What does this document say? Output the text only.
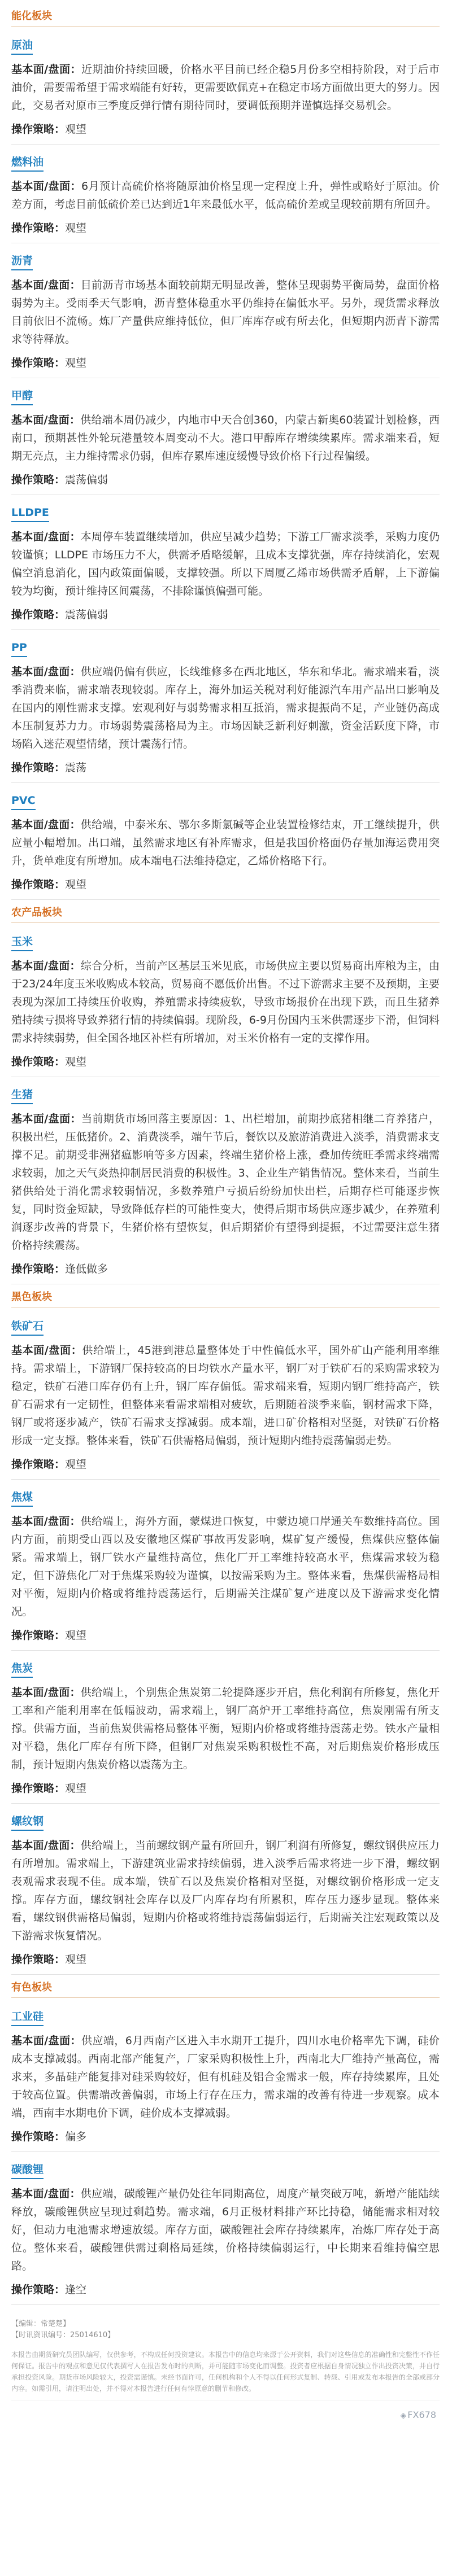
能化板块
原油
基本面/盘面：近期油价持续回暖，价格水平目前已经企稳5月份多空相持阶段，对于后市油价，需要需希望于需求端能有好转，更需要欧佩克+在稳定市场方面做出更大的努力。因此，交易者对原市三季度反弹行情有期待同时，要调低预期并谨慎选择交易机会。
操作策略：观望
燃料油
基本面/盘面：6月预计高硫价格将随原油价格呈现一定程度上升，弹性或略好于原油。价差方面，考虑目前低硫价差已达到近1年来最低水平，低高硫价差或呈现较前期有所回升。
操作策略：观望
沥青
基本面/盘面：目前沥青市场基本面较前期无明显改善，整体呈现弱势平衡局势，盘面价格弱势为主。受雨季天气影响，沥青整体稳重水平仍维持在偏低水平。另外，现货需求释放目前依旧不流畅。炼厂产量供应维持低位，但厂库库存或有所去化，但短期内沥青下游需求等待释放。
操作策略：观望
甲醇
基本面/盘面：供给端本周仍减少，内地市中天合创360，内蒙古新奥60装置计划检修，西南口，预期甚性外轮玩港量较本周变动不大。港口甲醇库存增续续累库。需求端来看，短期无亮点，主力维持需求仍弱，但库存累库速度缓慢导致价格下行过程偏缓。
操作策略：震荡偏弱
LLDPE
基本面/盘面：本周停车装置继续增加，供应呈减少趋势；下游工厂需求淡季，采购力度仍较谨慎；LLDPE 市场压力不大，供需矛盾略缓解，且成本支撑犹强，库存持续消化，宏观偏空消息消化，国内政策面偏暖，支撑较强。所以下周厦乙烯市场供需矛盾解，上下游偏较为均衡，预计维持区间震荡，不排除谨慎偏强可能。
操作策略：震荡偏弱
PP
基本面/盘面：供应端仍偏有供应，长线维修多在西北地区，华东和华北。需求端来看，淡季消费来临，需求端表现较弱。库存上，海外加运关税对利好能源汽车用产品出口影响及在国内的刚性需求支撑。宏观利好与弱势需求相互抵消，需求提振尚不足，产业链仍高成本压制复苏力力。市场弱势震荡格局为主。市场因缺乏新利好刺激，资金活跃度下降，市场陷入迷茫观望情绪，预计震荡行情。
操作策略：震荡
PVC
基本面/盘面：供给端，中泰米东、鄂尔多斯氯碱等企业装置检修结束，开工继续提升，供应量小幅增加。出口端，虽然需求地区有补库需求，但是我国价格面仍存量加海运费用突升，货单难度有所增加。成本端电石法维持稳定，乙烯价格略下行。
操作策略：观望
农产品板块
玉米
基本面/盘面：综合分析，当前产区基层玉米见底，市场供应主要以贸易商出库粮为主，由于23/24年度玉米收购成本较高，贸易商不愿低价出售。不过下游需求主要不及预期，主要表现为深加工持续压价收购，养殖需求持续疲软，导致市场报价在出现下跌，而且生猪养殖持续亏损将导致养猪行情的持续偏弱。现阶段，6-9月份国内玉米供需逐步下滑，但饲料需求持续弱势，但全国各地区补栏有所增加，对玉米价格有一定的支撑作用。
操作策略：观望
生猪
基本面/盘面：当前期货市场回落主要原因：1、出栏增加，前期抄底猪相继二育养猪户，积极出栏，压低猪价。2、消费淡季，端午节后，餐饮以及旅游消费进入淡季，消费需求支撑不足。前期受非洲猪瘟影响等多方因素，终端生猪价格上涨，叠加传统旺季需求终端需求较弱，加之天气炎热抑制居民消费的积极性。3、企业生产销售情况。整体来看，当前生猪供给处于消化需求较弱情况，多数养殖户亏损后纷纷加快出栏，后期存栏可能逐步恢复，同时资金短缺，导致降低存栏的可能性变大，使得后期市场供应逐步减少，在养殖利润逐步改善的背景下，生猪价格有望恢复，但后期猪价有望得到提振，不过需要注意生猪价格持续震荡。
操作策略：逢低做多
黑色板块
铁矿石
基本面/盘面：供给端上，45港到港总量整体处于中性偏低水平，国外矿山产能利用率维持。需求端上，下游钢厂保持较高的日均铁水产量水平，钢厂对于铁矿石的采购需求较为稳定，铁矿石港口库存仍有上升，钢厂库存偏低。需求端来看，短期内钢厂维持高产，铁矿石需求有一定韧性，但整体来看需求端相对疲软，后期随着淡季来临，钢材需求下降，钢厂或将逐步减产，铁矿石需求支撑减弱。成本端，进口矿价格相对坚挺，对铁矿石价格形成一定支撑。整体来看，铁矿石供需格局偏弱，预计短期内维持震荡偏弱走势。
操作策略：观望
焦煤
基本面/盘面：供给端上，海外方面，蒙煤进口恢复，中蒙边境口岸通关车数维持高位。国内方面，前期受山西以及安徽地区煤矿事故再发影响，煤矿复产缓慢，焦煤供应整体偏紧。需求端上，钢厂铁水产量维持高位，焦化厂开工率维持较高水平，焦煤需求较为稳定，但下游焦化厂对于焦煤采购较为谨慎，以按需采购为主。整体来看，焦煤供需格局相对平衡，短期内价格或将维持震荡运行，后期需关注煤矿复产进度以及下游需求变化情况。
操作策略：观望
焦炭
基本面/盘面：供给端上，个别焦企焦炭第二轮提降逐步开启，焦化利润有所修复，焦化开工率和产能利用率在低幅波动，需求端上，钢厂高炉开工率维持高位，焦炭刚需有所支撑。供需方面，当前焦炭供需格局整体平衡，短期内价格或将维持震荡走势。铁水产量相对平稳，焦化厂库存有所下降，但钢厂对焦炭采购积极性不高，对后期焦炭价格形成压制，预计短期内焦炭价格以震荡为主。
操作策略：观望
螺纹钢
基本面/盘面：供给端上，当前螺纹钢产量有所回升，钢厂利润有所修复，螺纹钢供应压力有所增加。需求端上，下游建筑业需求持续偏弱，进入淡季后需求将进一步下滑，螺纹钢表观需求表现不佳。成本端，铁矿石以及焦炭价格相对坚挺，对螺纹钢价格形成一定支撑。库存方面，螺纹钢社会库存以及厂内库存均有所累积，库存压力逐步显现。整体来看，螺纹钢供需格局偏弱，短期内价格或将维持震荡偏弱运行，后期需关注宏观政策以及下游需求恢复情况。
操作策略：观望
有色板块
工业硅
基本面/盘面：供应端，6月西南产区进入丰水期开工提升，四川水电价格率先下调，硅价成本支撑减弱。西南北部产能复产，厂家采购积极性上升，西南北大厂维持产量高位，需求来，多晶硅产能复排对硅采购较好，但有机硅及铝合金需求一般，库存持续累库，且处于较高位置。供需端改善偏弱，市场上行存在压力，需求端的改善有待进一步观察。成本端，西南丰水期电价下调，硅价成本支撑减弱。
操作策略：偏多
碳酸锂
基本面/盘面：供应端，碳酸锂产量仍处往年同期高位，周度产量突破万吨，新增产能陆续释放，碳酸锂供应呈现过剩趋势。需求端，6月正极材料排产环比持稳，储能需求相对较好，但动力电池需求增速放缓。库存方面，碳酸锂社会库存持续累库，冶炼厂库存处于高位。整体来看，碳酸锂供需过剩格局延续，价格持续偏弱运行，中长期来看维持偏空思路。
操作策略：逢空
【编辑：常楚楚】
【时讯资讯编号：25014610】
本报告由期货研究员团队编写，仅供参考，不构成任何投资建议。本报告中的信息均来源于公开资料，我们对这些信息的准确性和完整性不作任何保证。报告中的观点和意见仅代表撰写人在报告发布时的判断，并可能随市场变化而调整。投资者应根据自身情况独立作出投资决策，并自行承担投资风险。期货市场风险较大，投资需谨慎。未经书面许可，任何机构和个人不得以任何形式复制、转载、引用或发布本报告的全部或部分内容。如需引用，请注明出处，并不得对本报告进行任何有悖原意的删节和修改。
◈ FX678
